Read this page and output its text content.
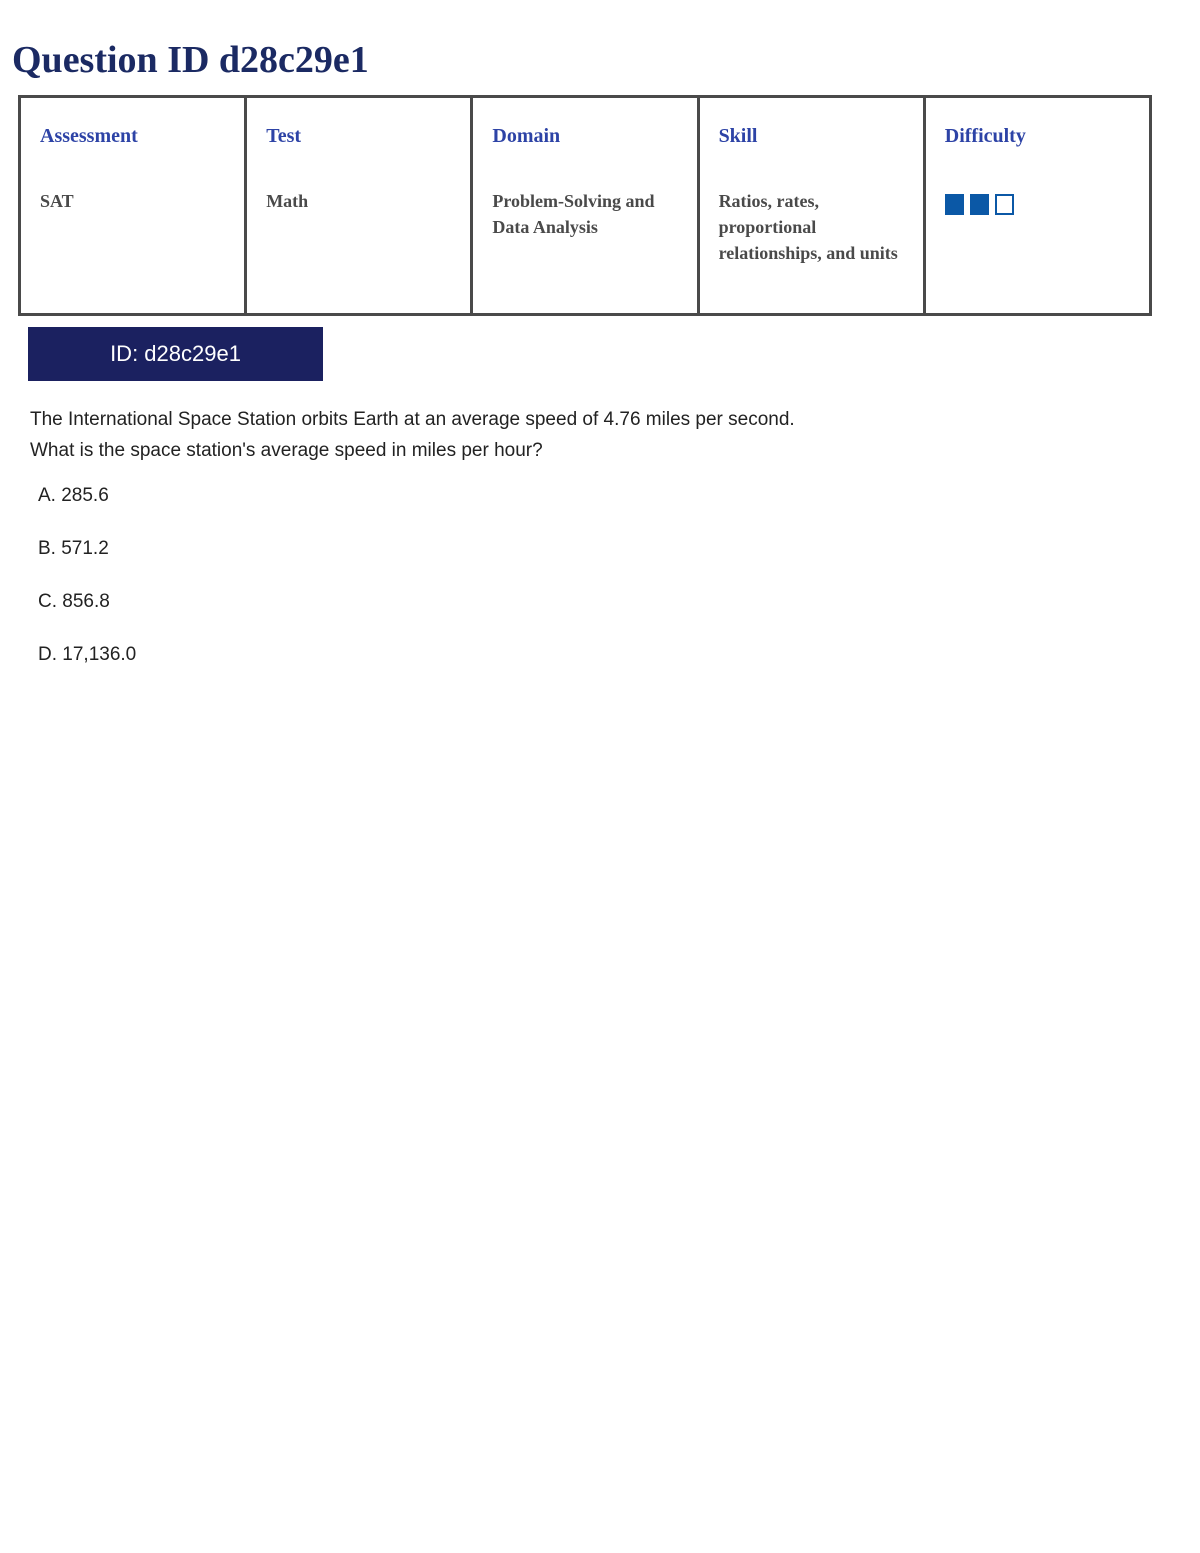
Question ID d28c29e1
Assessment
SAT

Test
Math

Domain
Problem-Solving and Data Analysis

Skill
Ratios, rates, proportional relationships, and units

Difficulty
ID: d28c29e1

The International Space Station orbits Earth at an average speed of 4.76 miles per second. What is the space station's average speed in miles per hour?

A. 285.6
B. 571.2
C. 856.8
D. 17,136.0
